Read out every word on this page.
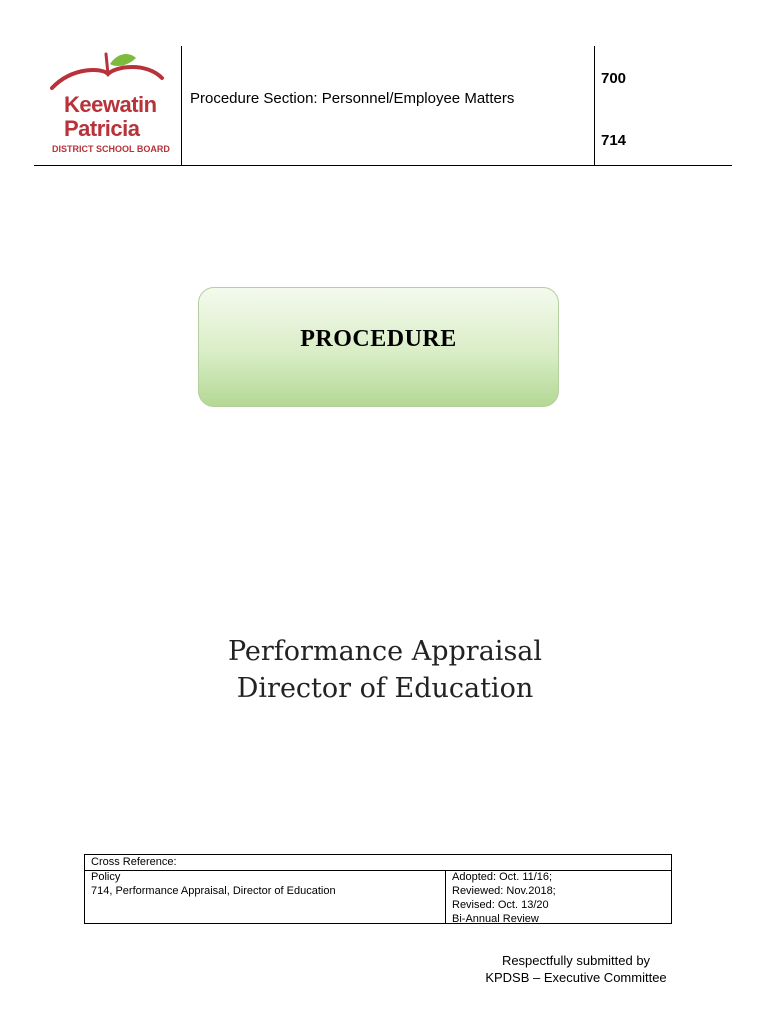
Keewatin
Patricia
DISTRICT SCHOOL BOARD
Procedure Section: Personnel/Employee Matters
700
714
PROCEDURE
Performance Appraisal
Director of Education
Cross Reference:
Policy
714, Performance Appraisal, Director of Education
Adopted: Oct. 11/16;
Reviewed: Nov.2018;
Revised: Oct. 13/20
Bi-Annual Review
Respectfully submitted by
KPDSB – Executive Committee
